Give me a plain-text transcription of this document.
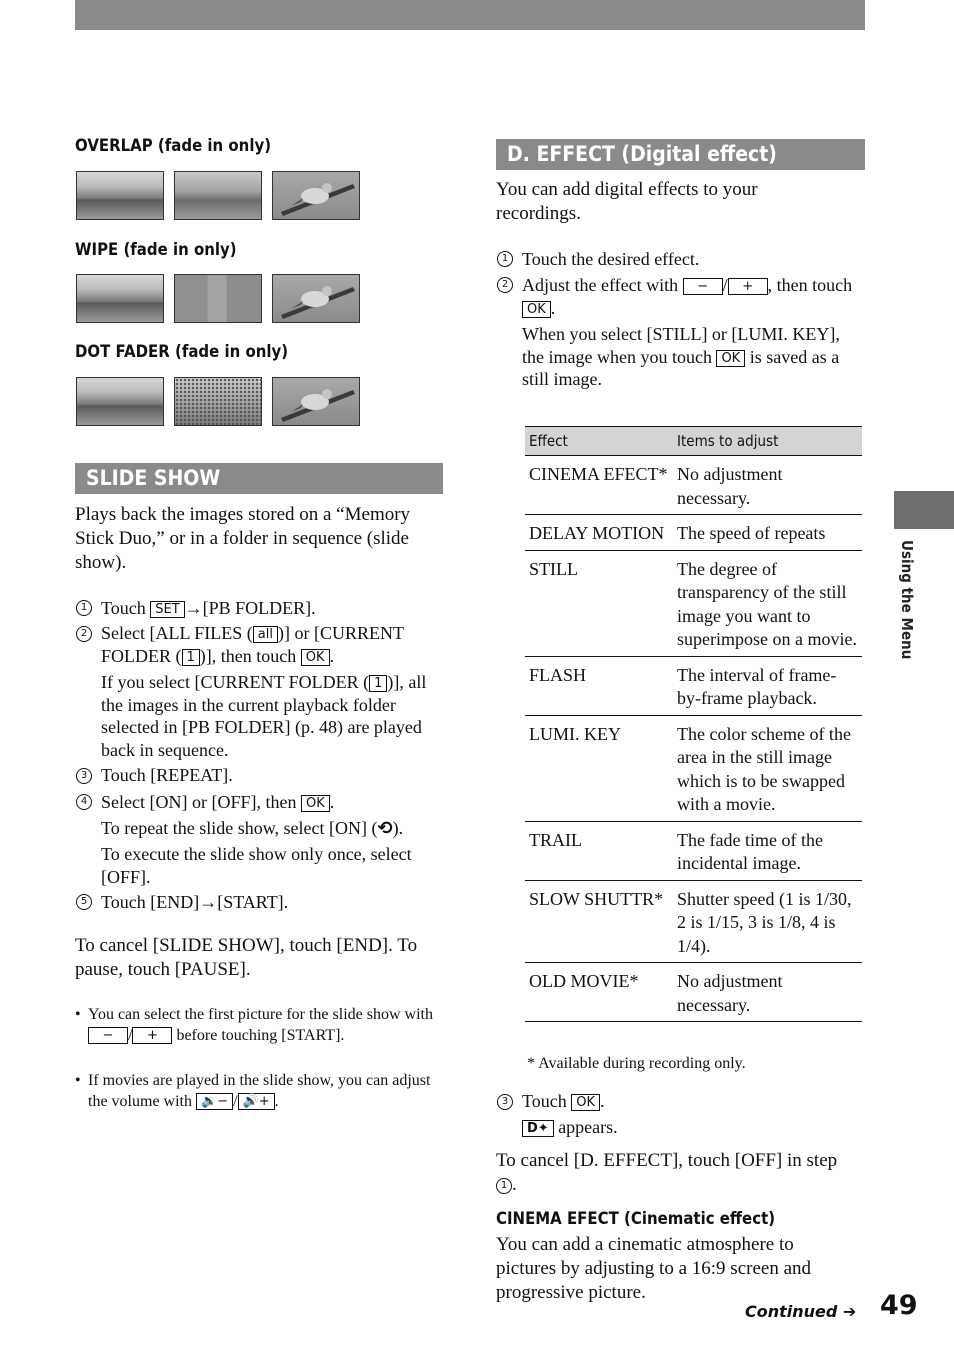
OVERLAP (fade in only)
WIPE (fade in only)
DOT FADER (fade in only)
SLIDE SHOW
Plays back the images stored on a “Memory Stick Duo,” or in a folder in sequence (slide show).
1 Touch SET →[PB FOLDER].
2 Select [ALL FILES ( all )] or [CURRENT FOLDER ( 1 )], then touch OK .
If you select [CURRENT FOLDER ( 1 )], all the images in the current playback folder selected in [PB FOLDER] (p. 48) are played back in sequence.
3 Touch [REPEAT].
4 Select [ON] or [OFF], then OK .
To repeat the slide show, select [ON] (⟲).
To execute the slide show only once, select [OFF].
5 Touch [END]→[START].
To cancel [SLIDE SHOW], touch [END]. To pause, touch [PAUSE].
• You can select the first picture for the slide show with − / + before touching [START].
• If movies are played in the slide show, you can adjust the volume with 🔉− / 🔊+ .
D. EFFECT (Digital effect)
You can add digital effects to your recordings.
1 Touch the desired effect.
2 Adjust the effect with − / + , then touch OK .
When you select [STILL] or [LUMI. KEY], the image when you touch OK is saved as a still image.
Effect	Items to adjust
CINEMA EFECT*	No adjustment necessary.
DELAY MOTION	The speed of repeats
STILL	The degree of transparency of the still image you want to superimpose on a movie.
FLASH	The interval of frame-by-frame playback.
LUMI. KEY	The color scheme of the area in the still image which is to be swapped with a movie.
TRAIL	The fade time of the incidental image.
SLOW SHUTTR*	Shutter speed (1 is 1/30, 2 is 1/15, 3 is 1/8, 4 is 1/4).
OLD MOVIE*	No adjustment necessary.
* Available during recording only.
3 Touch OK .
D✦ appears.
To cancel [D. EFFECT], touch [OFF] in step 1 .
CINEMA EFECT (Cinematic effect)
You can add a cinematic atmosphere to pictures by adjusting to a 16:9 screen and progressive picture.
Using the Menu
Continued ➔ 49
